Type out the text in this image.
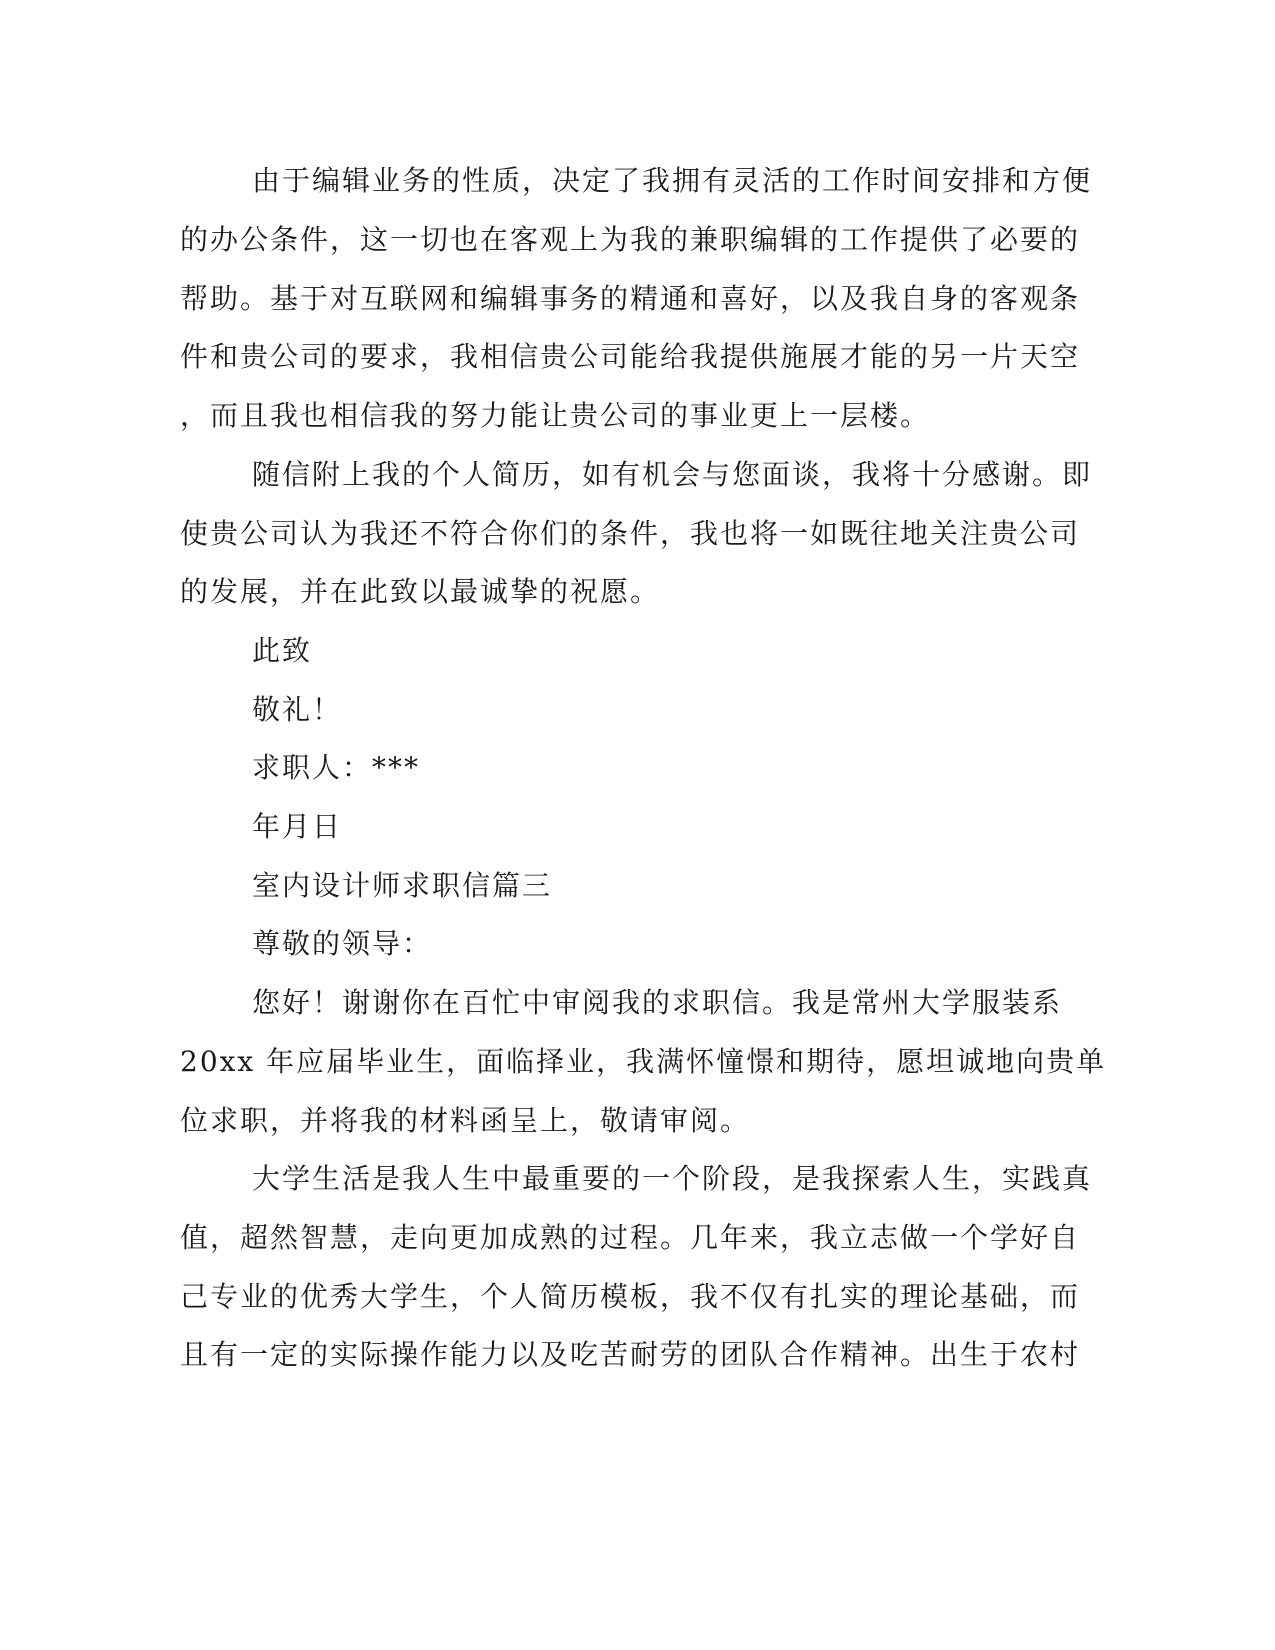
由于编辑业务的性质，决定了我拥有灵活的工作时间安排和方便
的办公条件，这一切也在客观上为我的兼职编辑的工作提供了必要的
帮助。基于对互联网和编辑事务的精通和喜好，以及我自身的客观条
件和贵公司的要求，我相信贵公司能给我提供施展才能的另一片天空
，而且我也相信我的努力能让贵公司的事业更上一层楼。
随信附上我的个人简历，如有机会与您面谈，我将十分感谢。即
使贵公司认为我还不符合你们的条件，我也将一如既往地关注贵公司
的发展，并在此致以最诚挚的祝愿。
此致
敬礼！
求职人：***
年月日
室内设计师求职信篇三
尊敬的领导：
您好！谢谢你在百忙中审阅我的求职信。我是常州大学服装系
20xx 年应届毕业生，面临择业，我满怀憧憬和期待，愿坦诚地向贵单
位求职，并将我的材料函呈上，敬请审阅。
大学生活是我人生中最重要的一个阶段，是我探索人生，实践真
值，超然智慧，走向更加成熟的过程。几年来，我立志做一个学好自
己专业的优秀大学生，个人简历模板，我不仅有扎实的理论基础，而
且有一定的实际操作能力以及吃苦耐劳的团队合作精神。出生于农村
